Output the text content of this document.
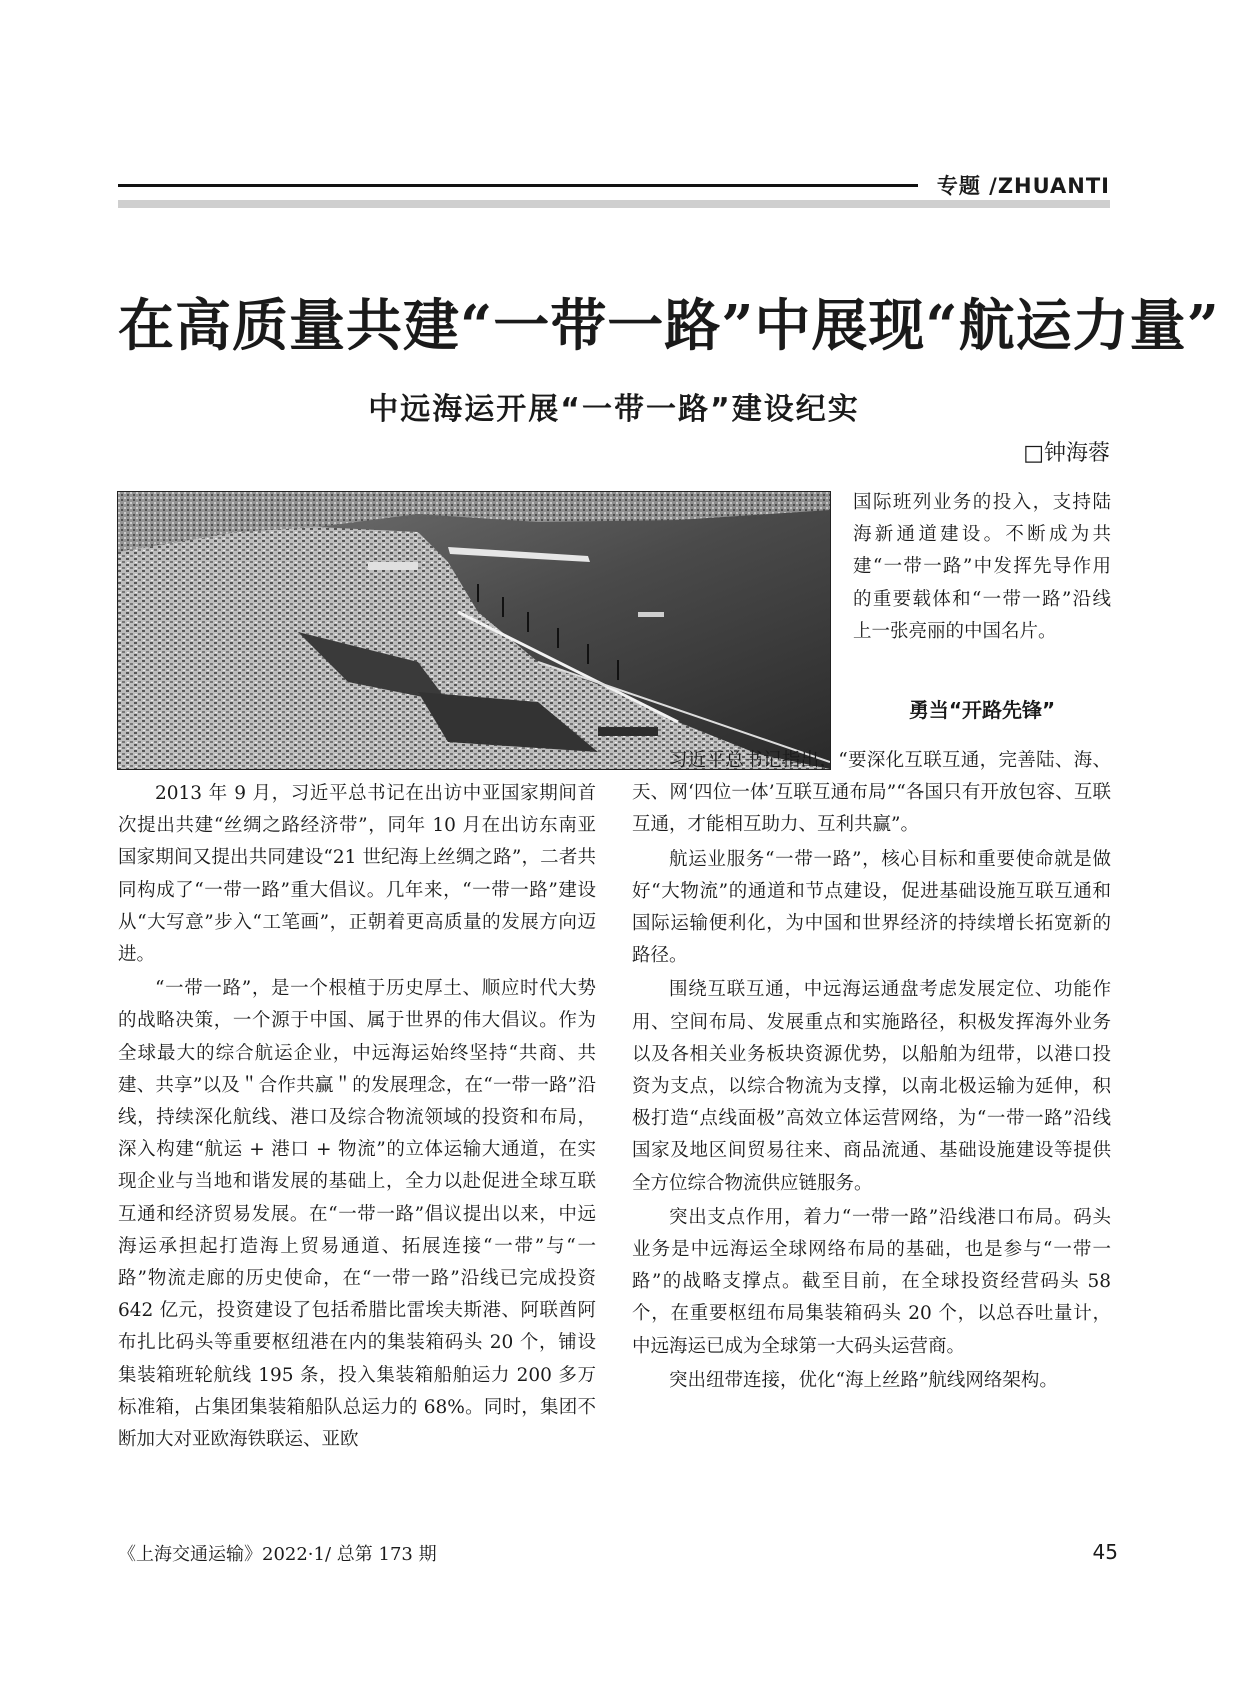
专题 /ZHUANTI
在高质量共建“一带一路”中展现“航运力量”
中远海运开展“一带一路”建设纪实
□钟海蓉

国际班列业务的投入，支持陆海新通道建设。不断成为共建“一带一路”中发挥先导作用的重要载体和“一带一路”沿线上一张亮丽的中国名片。

勇当“开路先锋”

2013 年 9 月，习近平总书记在出访中亚国家期间首次提出共建“丝绸之路经济带”，同年 10 月在出访东南亚国家期间又提出共同建设“21 世纪海上丝绸之路”，二者共同构成了“一带一路”重大倡议。几年来，“一带一路”建设从“大写意”步入“工笔画”，正朝着更高质量的发展方向迈进。

“一带一路”，是一个根植于历史厚土、顺应时代大势的战略决策，一个源于中国、属于世界的伟大倡议。作为全球最大的综合航运企业，中远海运始终坚持“共商、共建、共享”以及＂合作共赢＂的发展理念，在“一带一路”沿线，持续深化航线、港口及综合物流领域的投资和布局，深入构建“航运 + 港口 + 物流”的立体运输大通道，在实现企业与当地和谐发展的基础上，全力以赴促进全球互联互通和经济贸易发展。在“一带一路”倡议提出以来，中远海运承担起打造海上贸易通道、拓展连接“一带”与“一路”物流走廊的历史使命，在“一带一路”沿线已完成投资 642 亿元，投资建设了包括希腊比雷埃夫斯港、阿联酋阿布扎比码头等重要枢纽港在内的集装箱码头 20 个，铺设集装箱班轮航线 195 条，投入集装箱船舶运力 200 多万标准箱，占集团集装箱船队总运力的 68%。同时，集团不断加大对亚欧海铁联运、亚欧

习近平总书记指出，“要深化互联互通，完善陆、海、天、网‘四位一体’互联互通布局”“各国只有开放包容、互联互通，才能相互助力、互利共赢”。

航运业服务“一带一路”，核心目标和重要使命就是做好“大物流”的通道和节点建设，促进基础设施互联互通和国际运输便利化，为中国和世界经济的持续增长拓宽新的路径。

围绕互联互通，中远海运通盘考虑发展定位、功能作用、空间布局、发展重点和实施路径，积极发挥海外业务以及各相关业务板块资源优势，以船舶为纽带，以港口投资为支点，以综合物流为支撑，以南北极运输为延伸，积极打造“点线面极”高效立体运营网络，为“一带一路”沿线国家及地区间贸易往来、商品流通、基础设施建设等提供全方位综合物流供应链服务。

突出支点作用，着力“一带一路”沿线港口布局。码头业务是中远海运全球网络布局的基础，也是参与“一带一路”的战略支撑点。截至目前，在全球投资经营码头 58 个，在重要枢纽布局集装箱码头 20 个，以总吞吐量计，中远海运已成为全球第一大码头运营商。

突出纽带连接，优化“海上丝路”航线网络架构。

《上海交通运输》2022·1/ 总第 173 期	45
